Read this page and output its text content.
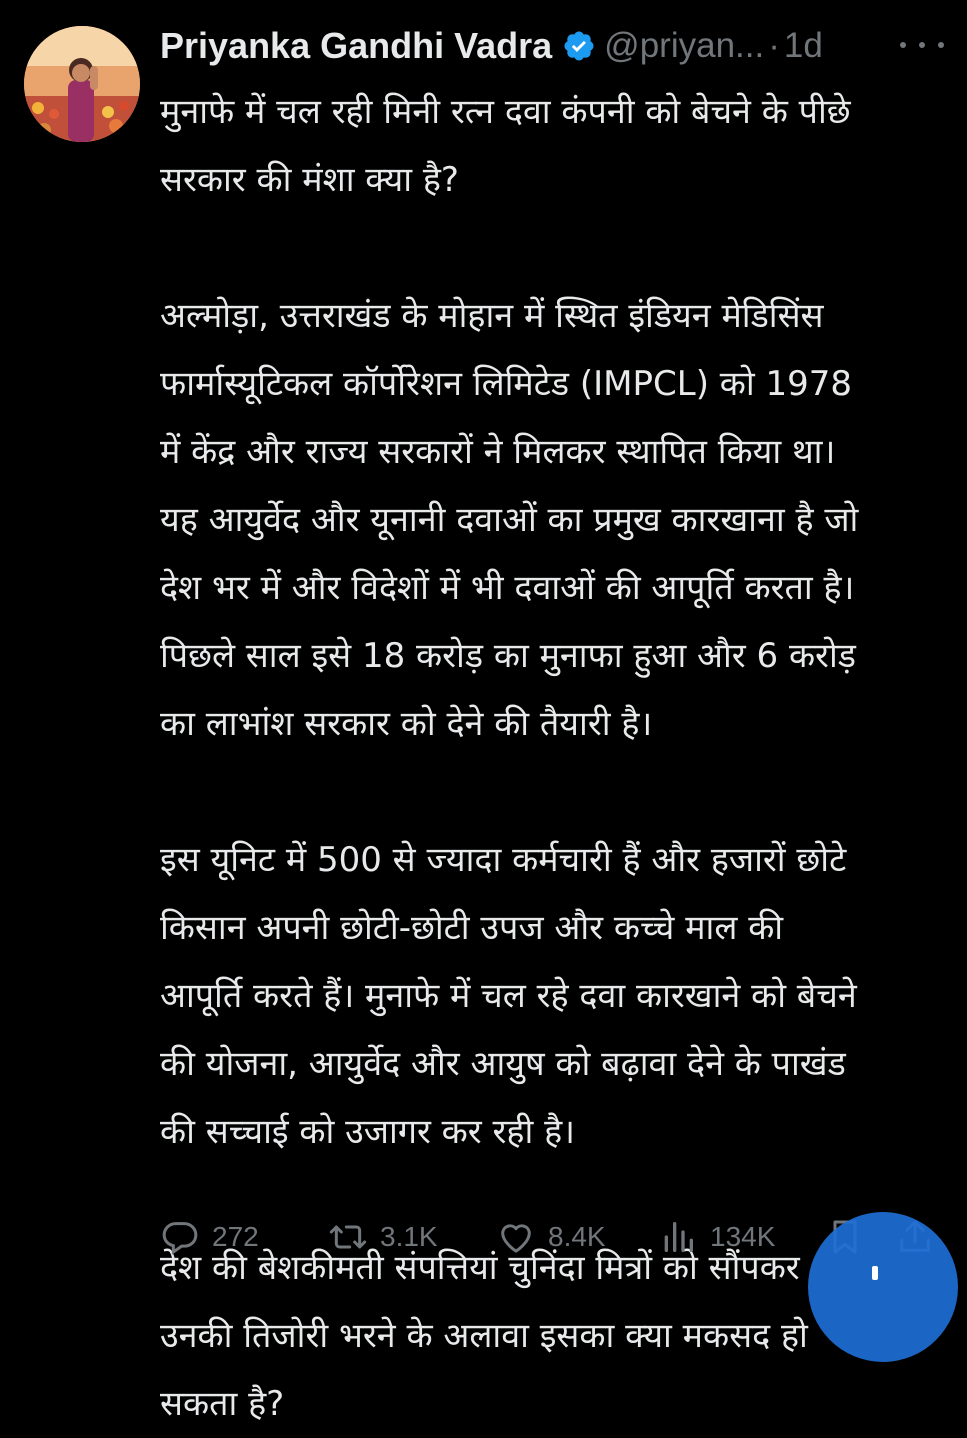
Priyanka Gandhi Vadra @priyan... · 1d

मुनाफे में चल रही मिनी रत्न दवा कंपनी को बेचने के पीछे
सरकार की मंशा क्या है?

अल्मोड़ा, उत्तराखंड के मोहान में स्थित इंडियन मेडिसिंस
फार्मास्यूटिकल कॉर्पोरेशन लिमिटेड (IMPCL) को 1978
में केंद्र और राज्य सरकारों ने मिलकर स्थापित किया था।
यह आयुर्वेद और यूनानी दवाओं का प्रमुख कारखाना है जो
देश भर में और विदेशों में भी दवाओं की आपूर्ति करता है।
पिछले साल इसे 18 करोड़ का मुनाफा हुआ और 6 करोड़
का लाभांश सरकार को देने की तैयारी है।

इस यूनिट में 500 से ज्यादा कर्मचारी हैं और हजारों छोटे
किसान अपनी छोटी-छोटी उपज और कच्चे माल की
आपूर्ति करते हैं। मुनाफे में चल रहे दवा कारखाने को बेचने
की योजना, आयुर्वेद और आयुष को बढ़ावा देने के पाखंड
की सच्चाई को उजागर कर रही है।

देश की बेशकीमती संपत्तियां चुनिंदा मित्रों को सौंपकर
उनकी तिजोरी भरने के अलावा इसका क्या मकसद हो
सकता है?

272	3.1K	8.4K	134K
